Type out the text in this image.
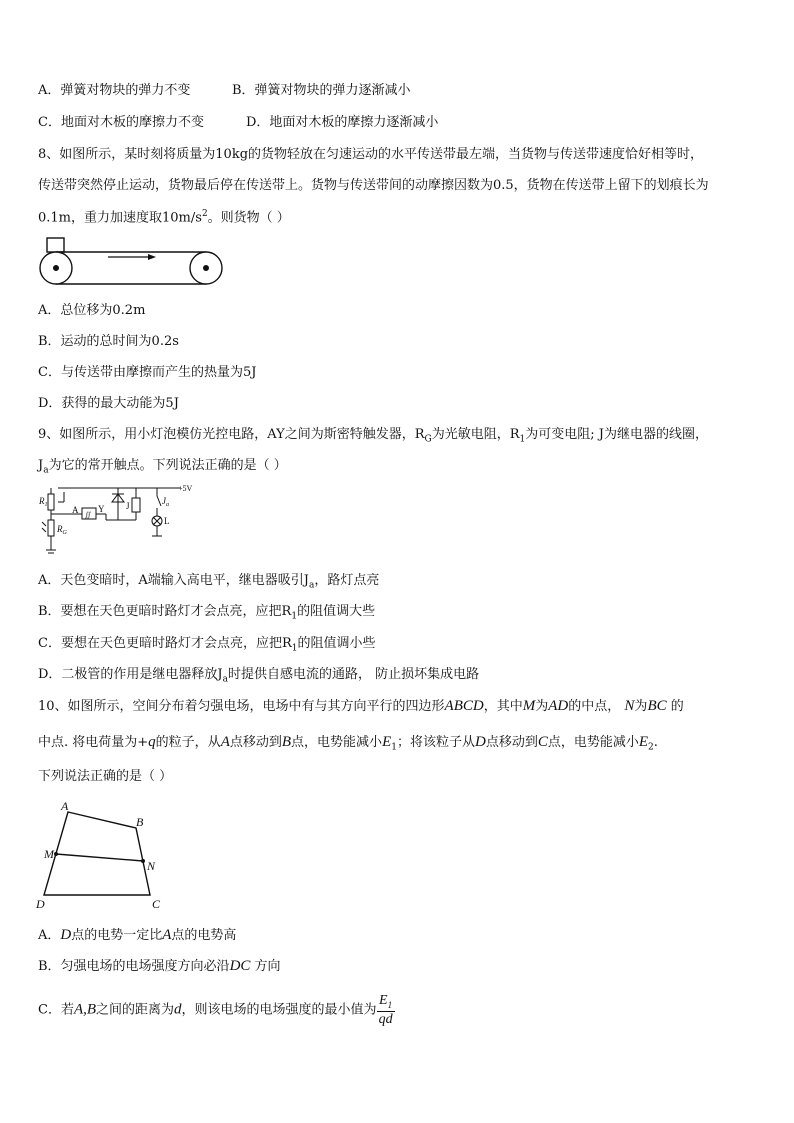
A．弹簧对物块的弹力不变	B．弹簧对物块的弹力逐渐减小
C．地面对木板的摩擦力不变	D．地面对木板的摩擦力逐渐减小
8、如图所示，某时刻将质量为10kg的货物轻放在匀速运动的水平传送带最左端，当货物与传送带速度恰好相等时，
传送带突然停止运动，货物最后停在传送带上。货物与传送带间的动摩擦因数为0.5，货物在传送带上留下的划痕长为
0.1m，重力加速度取$10m/s^2$。则货物（ ）
A．总位移为0.2m
B．运动的总时间为0.2s
C．与传送带由摩擦而产生的热量为5J
D．获得的最大动能为5J
9、如图所示，用小灯泡模仿光控电路，AY之间为斯密特触发器，$R_G$为光敏电阻，$R_1$为可变电阻; J为继电器的线圈，
$J_a$为它的常开触点。下列说法正确的是（ ）
+5V
$R_1$
$R_G$
A ∬
Y J	$J_a$
L
A．天色变暗时，A端输入高电平，继电器吸引$J_a$，路灯点亮
B．要想在天色更暗时路灯才会点亮，应把$R_1$的阻值调大些
C．要想在天色更暗时路灯才会点亮，应把$R_1$的阻值调小些
D．二极管的作用是继电器释放$J_a$时提供自感电流的通路， 防止损坏集成电路
10、如图所示，空间分布着匀强电场，电场中有与其方向平行的四边形ABCD，其中M为AD的中点， N为BC 的
中点. 将电荷量为+q的粒子，从A点移动到B点，电势能减小$E_1$；将该粒子从D点移动到C点，电势能减小$E_2$.
下列说法正确的是（ ）
A
B
C
D
M
N
A．D点的电势一定比A点的电势高
B．匀强电场的电场强度方向必沿DC 方向
C．若A,B之间的距离为d，则该电场的电场强度的最小值为 $\frac{E_1}{qd}$
